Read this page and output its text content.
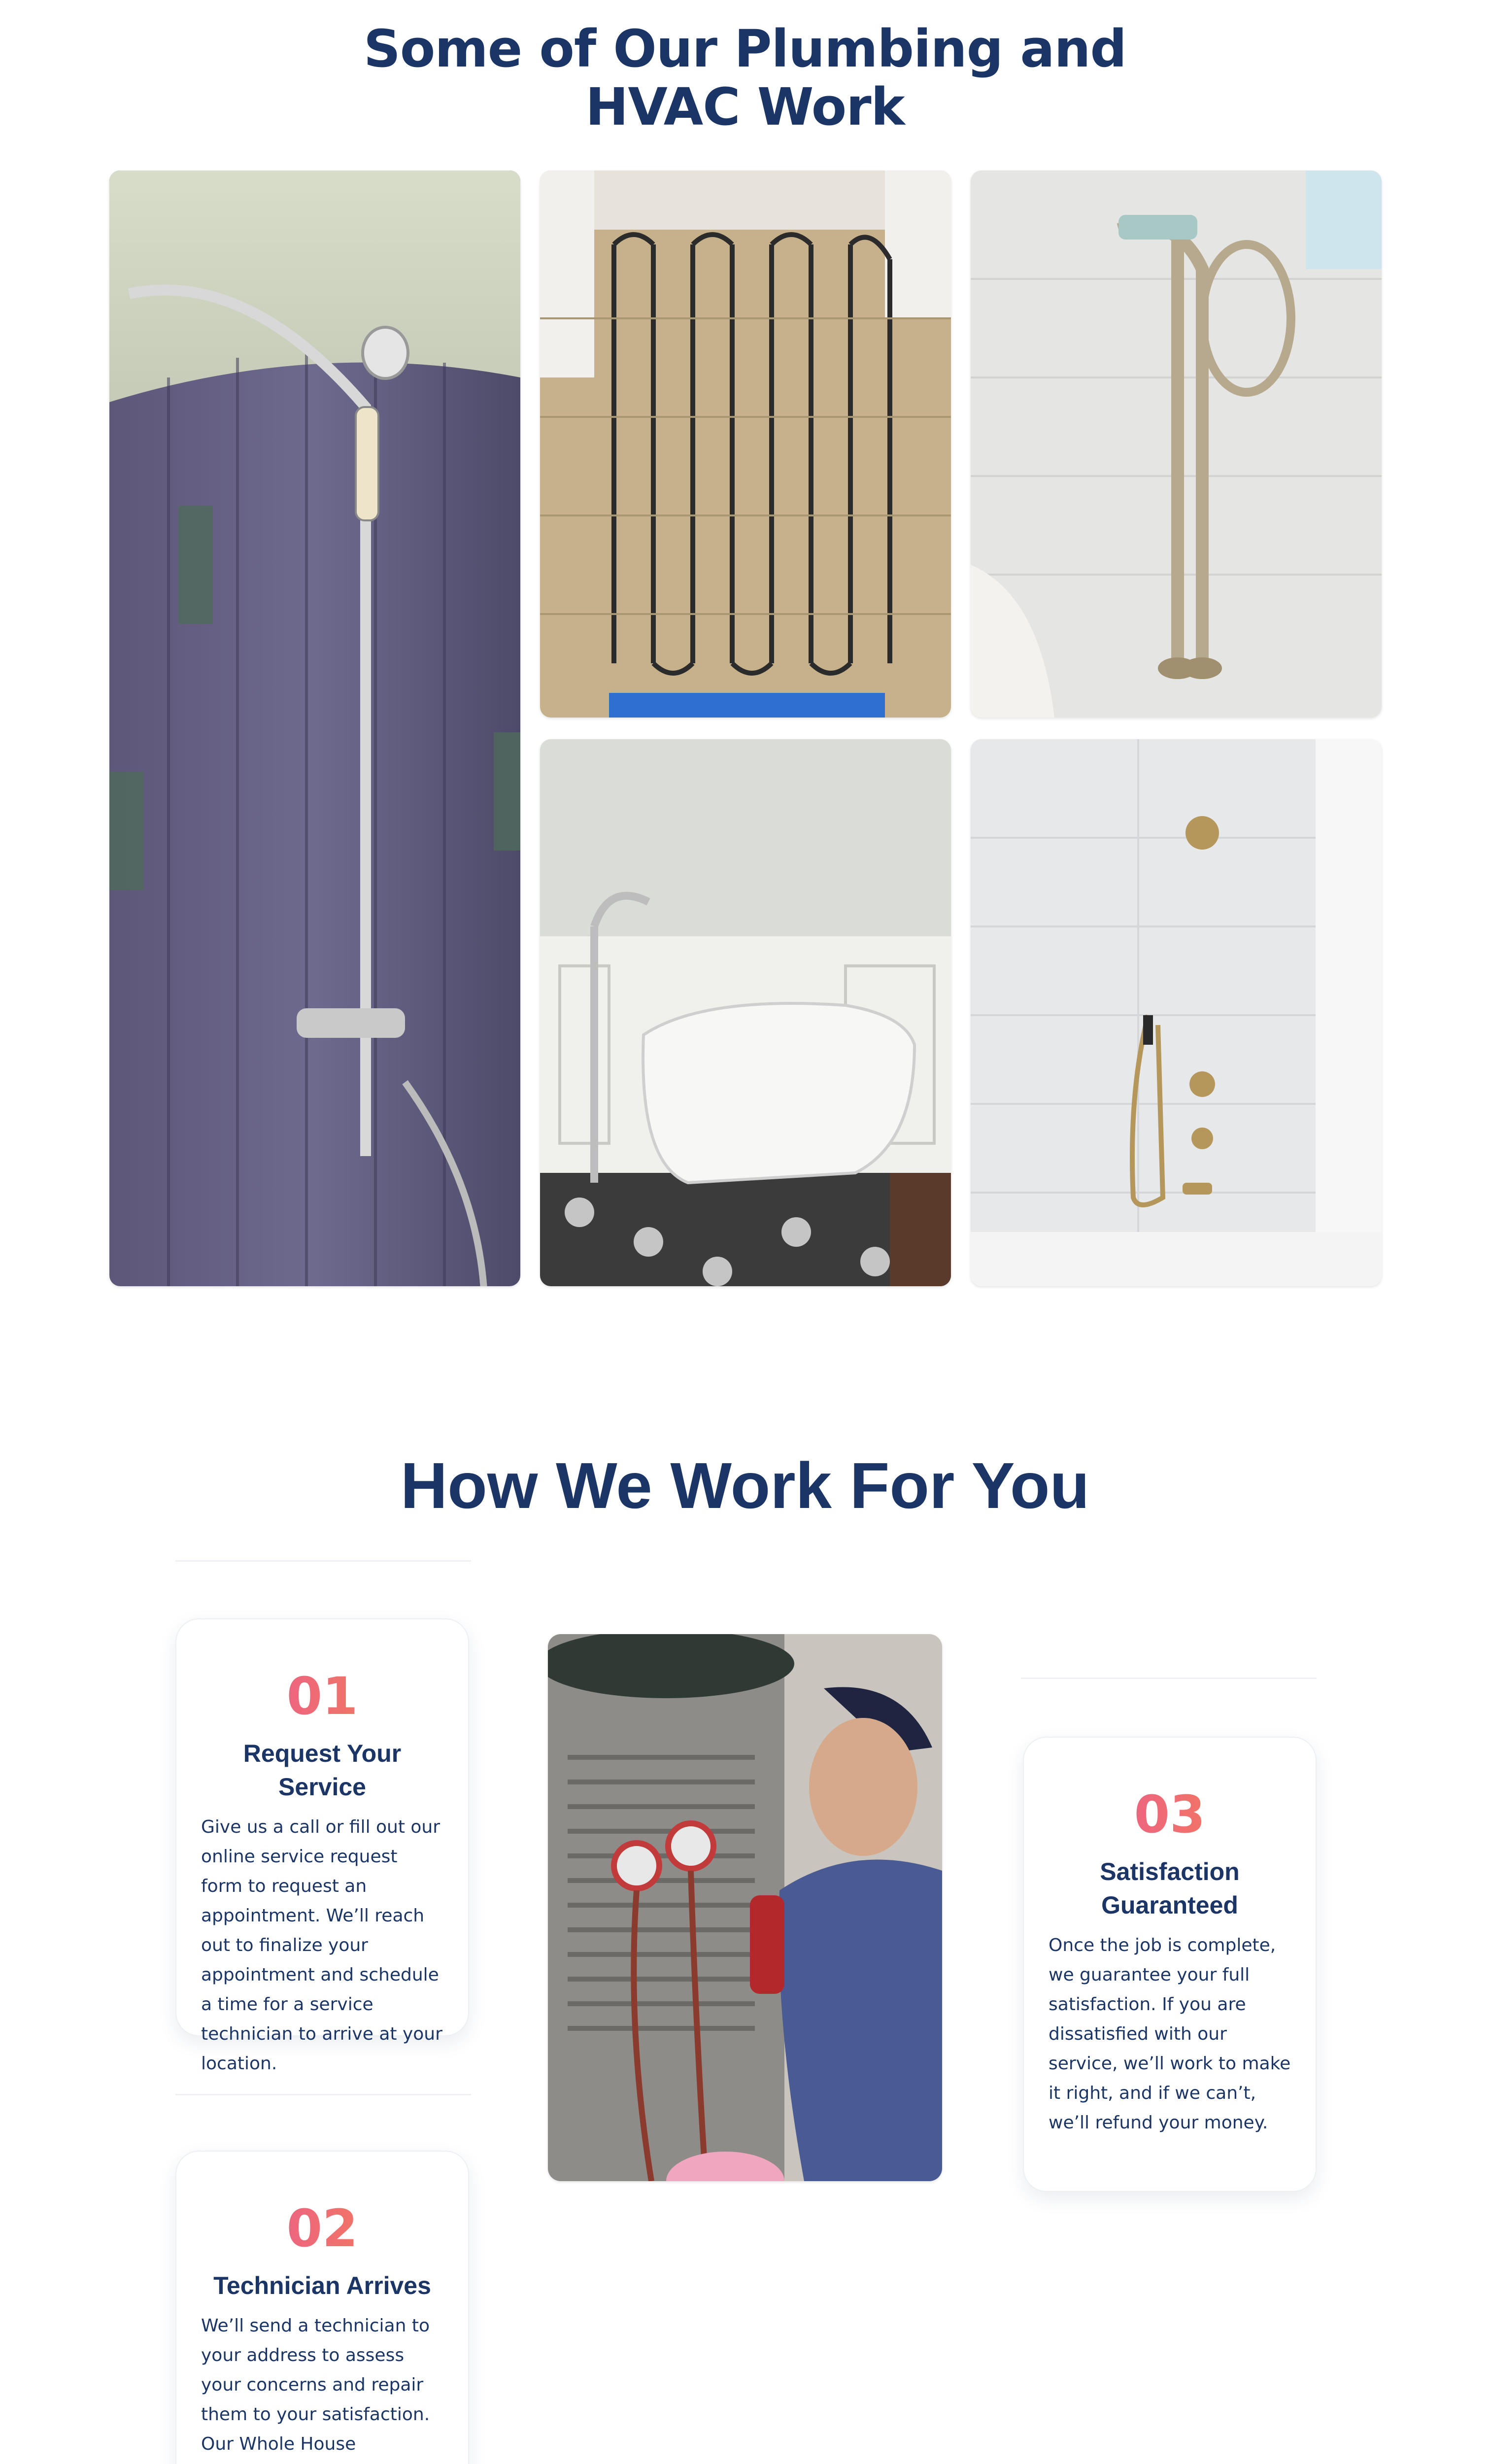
Some of Our Plumbing and
HVAC Work
How We Work For You
01
Request Your Service

Give us a call or fill out our online service request form to request an appointment. We’ll reach out to finalize your appointment and schedule a time for a service technician to arrive at your location.

02
Technician Arrives

We’ll send a technician to your address to assess your concerns and repair them to your satisfaction. Our Whole House

03
Satisfaction Guaranteed

Once the job is complete, we guarantee your full satisfaction. If you are dissatisfied with our service, we’ll work to make it right, and if we can’t, we’ll refund your money.
